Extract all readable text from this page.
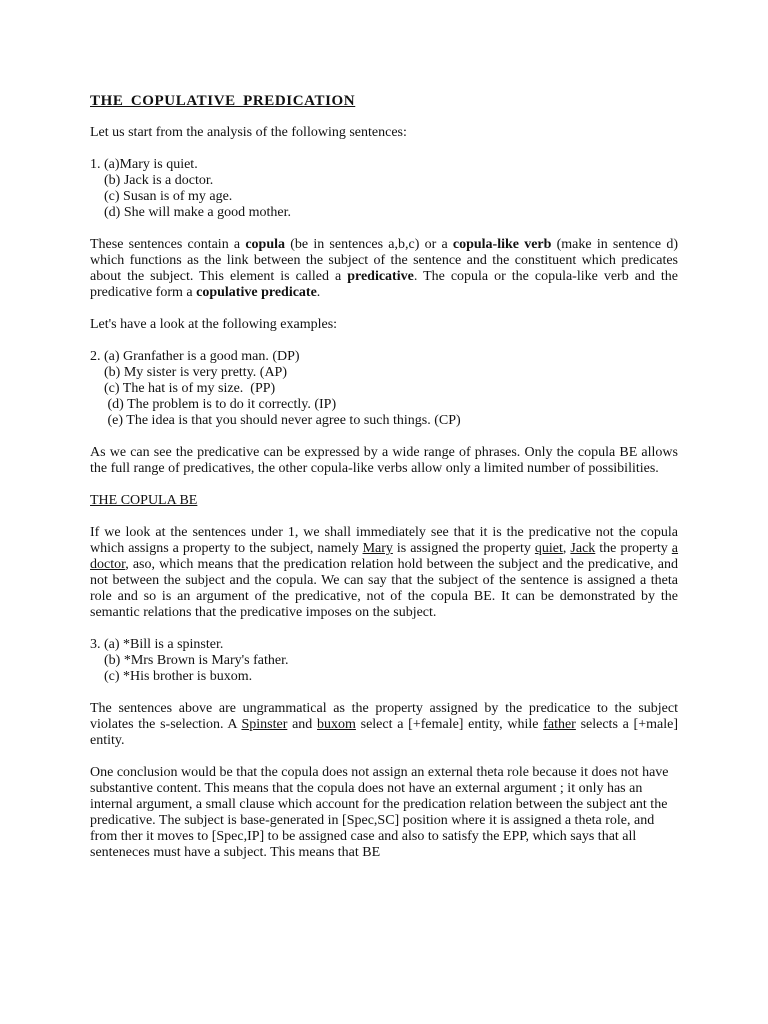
THE COPULATIVE PREDICATION

Let us start from the analysis of the following sentences:

1. (a)Mary is quiet.
(b) Jack is a doctor.
(c) Susan is of my age.
(d) She will make a good mother.

These sentences contain a copula (be in sentences a,b,c) or a copula-like verb (make in sentence d) which functions as the link between the subject of the sentence and the constituent which predicates about the subject. This element is called a predicative. The copula or the copula-like verb and the predicative form a copulative predicate.

Let's have a look at the following examples:

2. (a) Granfather is a good man. (DP)
(b) My sister is very pretty. (AP)
(c) The hat is of my size.  (PP)
(d) The problem is to do it correctly. (IP)
(e) The idea is that you should never agree to such things. (CP)

As we can see the predicative can be expressed by a wide range of phrases. Only the copula BE allows the full range of predicatives, the other copula-like verbs allow only a limited number of possibilities.

THE COPULA BE

If we look at the sentences under 1, we shall immediately see that it is the predicative not the copula which assigns a property to the subject, namely Mary is assigned the property quiet, Jack the property a doctor, aso, which means that the predication relation hold between the subject and the predicative, and not between the subject and the copula. We can say that the subject of the sentence is assigned a theta role and so is an argument of the predicative, not of the copula BE. It can be demonstrated by the semantic relations that the predicative imposes on the subject.

3. (a) *Bill is a spinster.
(b) *Mrs Brown is Mary's father.
(c) *His brother is buxom.

The sentences above are ungrammatical as the property assigned by the predicatice to the subject violates the s-selection. A Spinster and buxom select a [+female] entity, while father selects a [+male] entity.

One conclusion would be that the copula does not assign an external theta role because it does not have substantive content. This means that the copula does not have an external argument ; it only has an internal argument, a small clause which account for the predication relation between the subject ant the predicative. The subject is base-generated in [Spec,SC] position where it is assigned a theta role, and from ther it moves to [Spec,IP] to be assigned case and also to satisfy the EPP, which says that all senteneces must have a subject. This means that BE
